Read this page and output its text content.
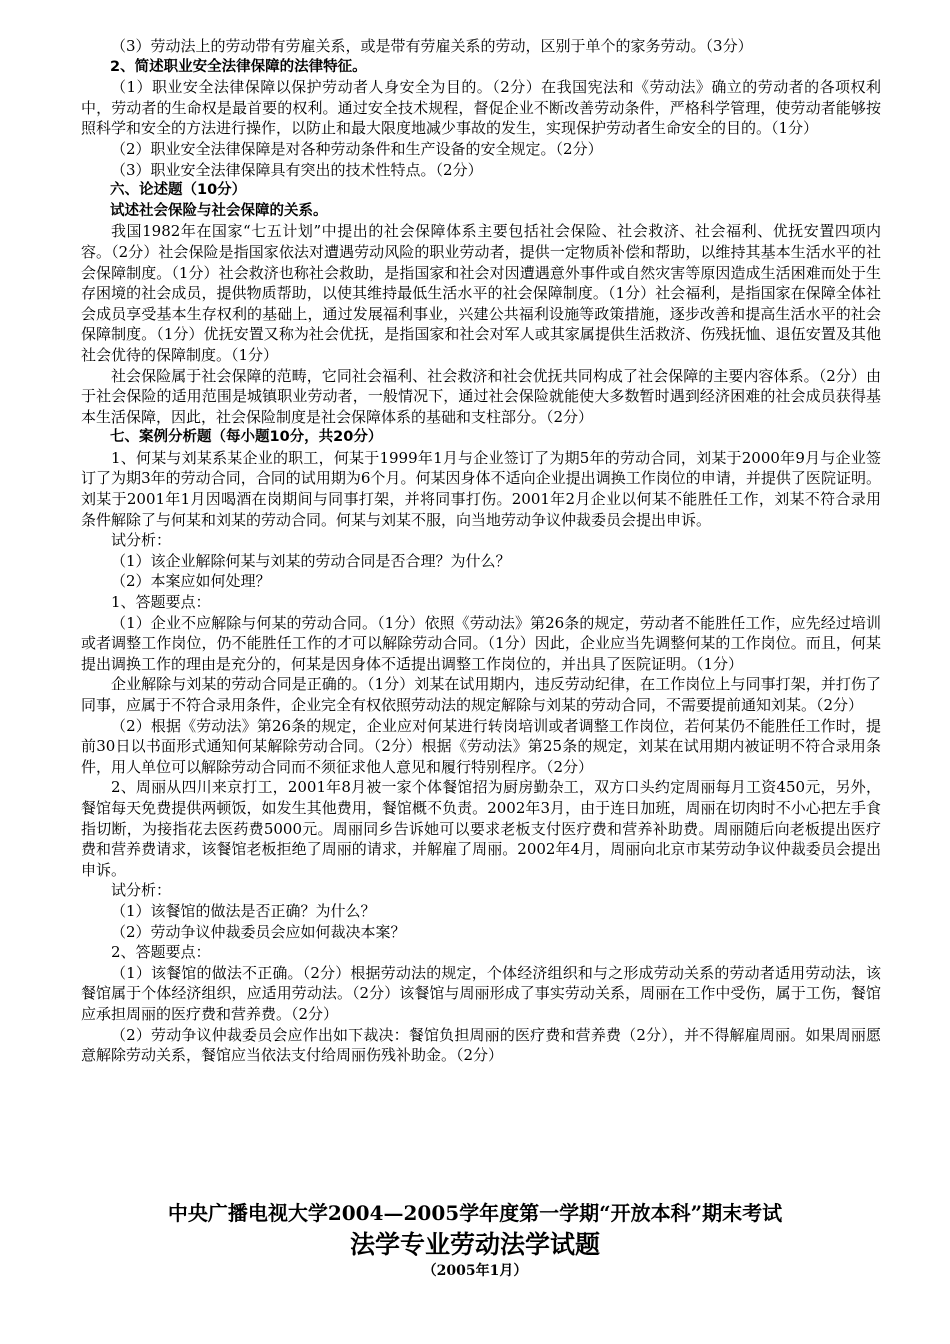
（3）劳动法上的劳动带有劳雇关系，或是带有劳雇关系的劳动，区别于单个的家务劳动。（3分）

2、简述职业安全法律保障的法律特征。

（1）职业安全法律保障以保护劳动者人身安全为目的。（2分）在我国宪法和《劳动法》确立的劳动者的各项权利中，劳动者的生命权是最首要的权利。通过安全技术规程，督促企业不断改善劳动条件，严格科学管理，使劳动者能够按照科学和安全的方法进行操作，以防止和最大限度地减少事故的发生，实现保护劳动者生命安全的目的。（1分）

（2）职业安全法律保障是对各种劳动条件和生产设备的安全规定。（2分）

（3）职业安全法律保障具有突出的技术性特点。（2分）

六、论述题（10分）

试述社会保险与社会保障的关系。

我国1982年在国家“七五计划”中提出的社会保障体系主要包括社会保险、社会救济、社会福利、优抚安置四项内容。（2分）社会保险是指国家依法对遭遇劳动风险的职业劳动者，提供一定物质补偿和帮助，以维持其基本生活水平的社会保障制度。（1分）社会救济也称社会救助，是指国家和社会对因遭遇意外事件或自然灾害等原因造成生活困难而处于生存困境的社会成员，提供物质帮助，以使其维持最低生活水平的社会保障制度。（1分）社会福利，是指国家在保障全体社会成员享受基本生存权利的基础上，通过发展福利事业，兴建公共福利设施等政策措施，逐步改善和提高生活水平的社会保障制度。（1分）优抚安置又称为社会优抚，是指国家和社会对军人或其家属提供生活救济、伤残抚恤、退伍安置及其他社会优待的保障制度。（1分）

社会保险属于社会保障的范畴，它同社会福利、社会救济和社会优抚共同构成了社会保障的主要内容体系。（2分）由于社会保险的适用范围是城镇职业劳动者，一般情况下，通过社会保险就能使大多数暂时遇到经济困难的社会成员获得基本生活保障，因此，社会保险制度是社会保障体系的基础和支柱部分。（2分）

七、案例分析题（每小题10分，共20分）

1、何某与刘某系某企业的职工，何某于1999年1月与企业签订了为期5年的劳动合同，刘某于2000年9月与企业签订了为期3年的劳动合同，合同的试用期为6个月。何某因身体不适向企业提出调换工作岗位的申请，并提供了医院证明。刘某于2001年1月因喝酒在岗期间与同事打架，并将同事打伤。2001年2月企业以何某不能胜任工作，刘某不符合录用条件解除了与何某和刘某的劳动合同。何某与刘某不服，向当地劳动争议仲裁委员会提出申诉。

试分析：

（1）该企业解除何某与刘某的劳动合同是否合理？为什么？

（2）本案应如何处理？

1、答题要点：

（1）企业不应解除与何某的劳动合同。（1分）依照《劳动法》第26条的规定，劳动者不能胜任工作，应先经过培训或者调整工作岗位，仍不能胜任工作的才可以解除劳动合同。（1分）因此，企业应当先调整何某的工作岗位。而且，何某提出调换工作的理由是充分的，何某是因身体不适提出调整工作岗位的，并出具了医院证明。（1分）

企业解除与刘某的劳动合同是正确的。（1分）刘某在试用期内，违反劳动纪律，在工作岗位上与同事打架，并打伤了同事，应属于不符合录用条件，企业完全有权依照劳动法的规定解除与刘某的劳动合同，不需要提前通知刘某。（2分）

（2）根据《劳动法》第26条的规定，企业应对何某进行转岗培训或者调整工作岗位，若何某仍不能胜任工作时，提前30日以书面形式通知何某解除劳动合同。（2分）根据《劳动法》第25条的规定，刘某在试用期内被证明不符合录用条件，用人单位可以解除劳动合同而不须征求他人意见和履行特别程序。（2分）

2、周丽从四川来京打工，2001年8月被一家个体餐馆招为厨房勤杂工，双方口头约定周丽每月工资450元，另外，餐馆每天免费提供两顿饭，如发生其他费用，餐馆概不负责。2002年3月，由于连日加班，周丽在切肉时不小心把左手食指切断，为接指花去医药费5000元。周丽同乡告诉她可以要求老板支付医疗费和营养补助费。周丽随后向老板提出医疗费和营养费请求，该餐馆老板拒绝了周丽的请求，并解雇了周丽。2002年4月，周丽向北京市某劳动争议仲裁委员会提出申诉。

试分析：

（1）该餐馆的做法是否正确？为什么？

（2）劳动争议仲裁委员会应如何裁决本案？

2、答题要点：

（1）该餐馆的做法不正确。（2分）根据劳动法的规定，个体经济组织和与之形成劳动关系的劳动者适用劳动法，该餐馆属于个体经济组织，应适用劳动法。（2分）该餐馆与周丽形成了事实劳动关系，周丽在工作中受伤，属于工伤，餐馆应承担周丽的医疗费和营养费。（2分）

（2）劳动争议仲裁委员会应作出如下裁决：餐馆负担周丽的医疗费和营养费（2分），并不得解雇周丽。如果周丽愿意解除劳动关系，餐馆应当依法支付给周丽伤残补助金。（2分）

中央广播电视大学2004—2005学年度第一学期“开放本科”期末考试

法学专业劳动法学试题

（2005年1月）
